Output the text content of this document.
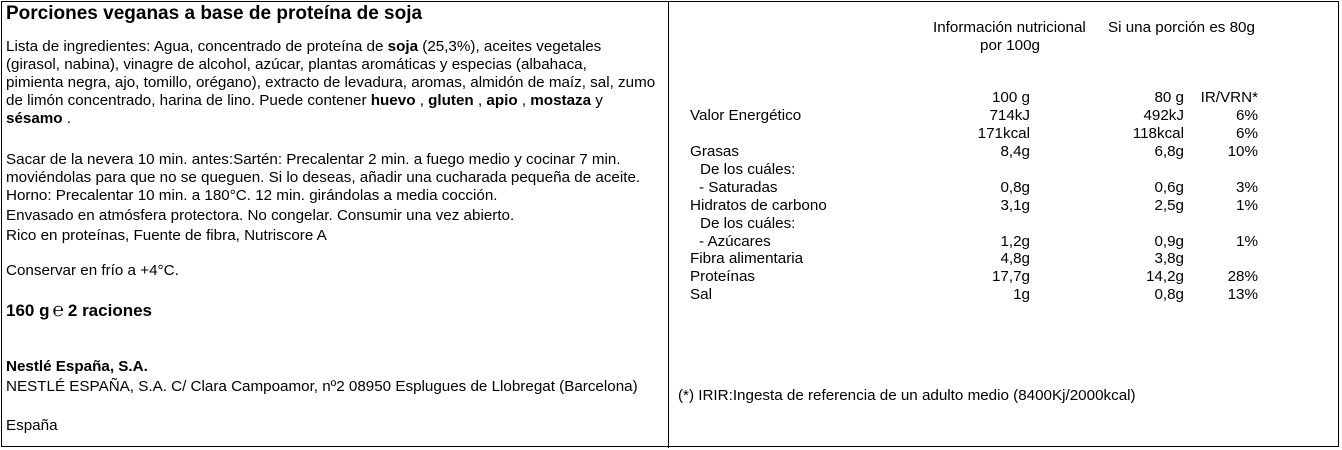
Porciones veganas a base de proteína de soja
Lista de ingredientes: Agua, concentrado de proteína de soja (25,3%), aceites vegetales
(girasol, nabina), vinagre de alcohol, azúcar, plantas aromáticas y especias (albahaca,
pimienta negra, ajo, tomillo, orégano), extracto de levadura, aromas, almidón de maíz, sal, zumo
de limón concentrado, harina de lino. Puede contener huevo , gluten , apio , mostaza y
sésamo .
Sacar de la nevera 10 min. antes:Sartén: Precalentar 2 min. a fuego medio y cocinar 7 min.
moviéndolas para que no se queguen. Si lo deseas, añadir una cucharada pequeña de aceite.
Horno: Precalentar 10 min. a 180°C. 12 min. girándolas a media cocción.
Envasado en atmósfera protectora. No congelar. Consumir una vez abierto.
Rico en proteínas, Fuente de fibra, Nutriscore A
Conservar en frío a +4°C.
160 g ℮ 2 raciones
Nestlé España, S.A.
NESTLÉ ESPAÑA, S.A. C/ Clara Campoamor, nº2 08950 Esplugues de Llobregat (Barcelona)
España
Información nutricional
por 100g
Si una porción es 80g
100 g	80 g IR/VRN*
Valor Energético	714kJ	492kJ	6%
171kcal	118kcal	6%
Grasas	8,4g	6,8g	10%
De los cuáles:
- Saturadas	0,8g	0,6g	3%
Hidratos de carbono	3,1g	2,5g	1%
De los cuáles:
- Azúcares	1,2g	0,9g	1%
Fibra alimentaria	4,8g	3,8g
Proteínas	17,7g	14,2g	28%
Sal	1g	0,8g	13%
(*) IRIR:Ingesta de referencia de un adulto medio (8400Kj/2000kcal)
